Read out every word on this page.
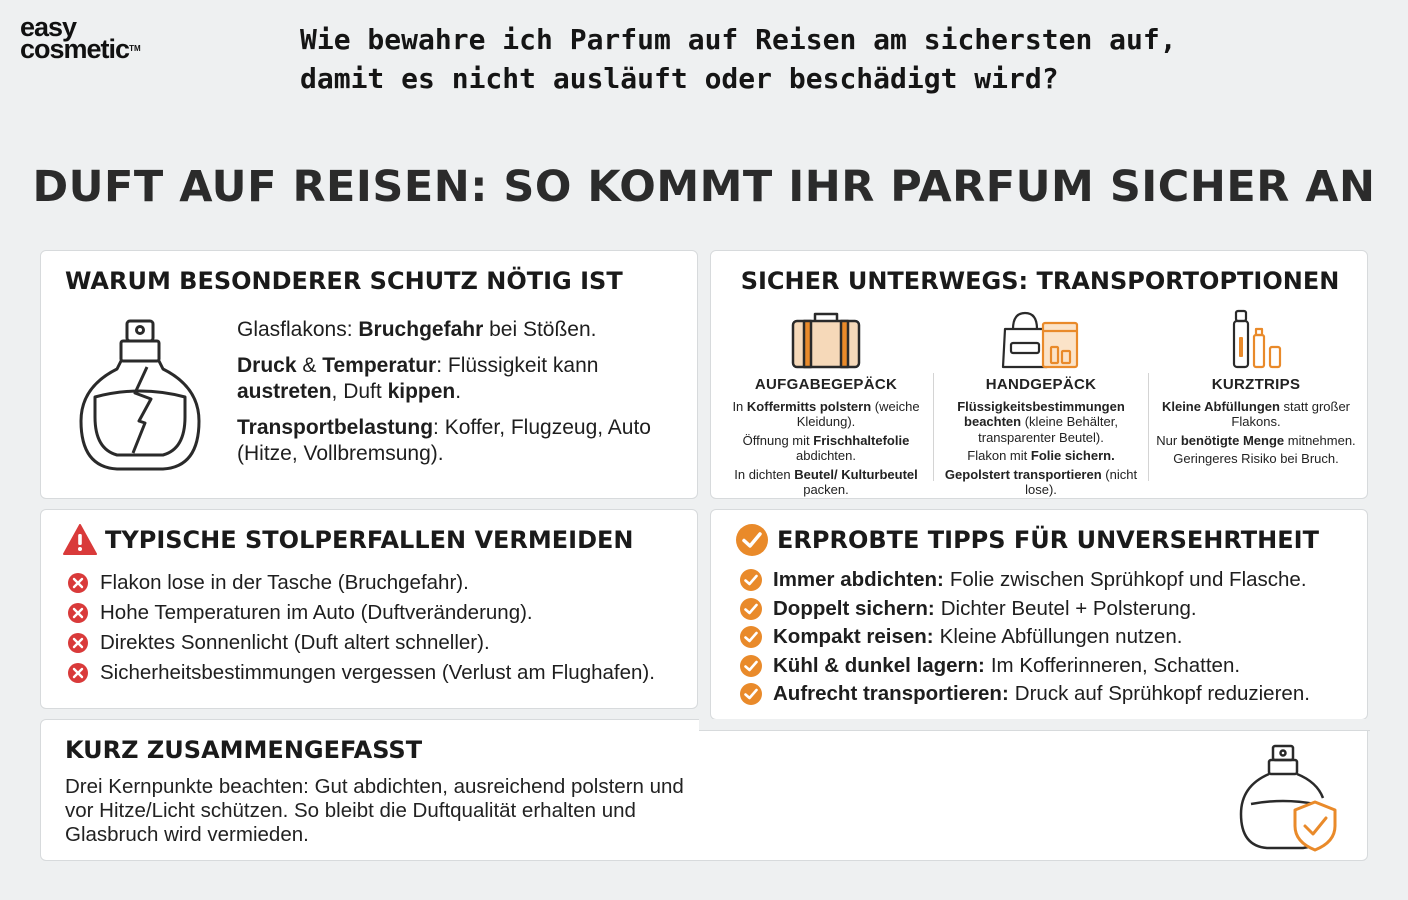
easy
cosmetic™	Wie bewahre ich Parfum auf Reisen am sichersten auf, damit es nicht ausläuft oder beschädigt wird?
DUFT AUF REISEN: SO KOMMT IHR PARFUM SICHER AN
WARUM BESONDERER SCHUTZ NÖTIG IST

Glasflakons: Bruchgefahr bei Stößen.

Druck & Temperatur: Flüssigkeit kann austreten, Duft kippen.

Transportbelastung: Koffer, Flugzeug, Auto (Hitze, Vollbremsung).

SICHER UNTERWEGS: TRANSPORTOPTIONEN
AUFGABEGEPÄCK

In Koffermitts polstern (weiche Kleidung).

Öffnung mit Frischhaltefolie abdichten.

In dichten Beutel/ Kulturbeutel packen.

HANDGEPÄCK

Flüssigkeitsbestimmungen beachten (kleine Behälter, transparenter Beutel).

Flakon mit Folie sichern.

Gepolstert transportieren (nicht lose).

KURZTRIPS

Kleine Abfüllungen statt großer Flakons.

Nur benötigte Menge mitnehmen.

Geringeres Risiko bei Bruch.

TYPISCHE STOLPERFALLEN VERMEIDEN
Flakon lose in der Tasche (Bruchgefahr).
Hohe Temperaturen im Auto (Duftveränderung).
Direktes Sonnenlicht (Duft altert schneller).
Sicherheitsbestimmungen vergessen (Verlust am Flughafen).
ERPROBTE TIPPS FÜR UNVERSEHRTHEIT
Immer abdichten: Folie zwischen Sprühkopf und Flasche.
Doppelt sichern: Dichter Beutel + Polsterung.
Kompakt reisen: Kleine Abfüllungen nutzen.
Kühl & dunkel lagern: Im Kofferinneren, Schatten.
Aufrecht transportieren: Druck auf Sprühkopf reduzieren.
KURZ ZUSAMMENGEFASST
Drei Kernpunkte beachten: Gut abdichten, ausreichend polstern und vor Hitze/Licht schützen. So bleibt die Duftqualität erhalten und Glasbruch wird vermieden.
